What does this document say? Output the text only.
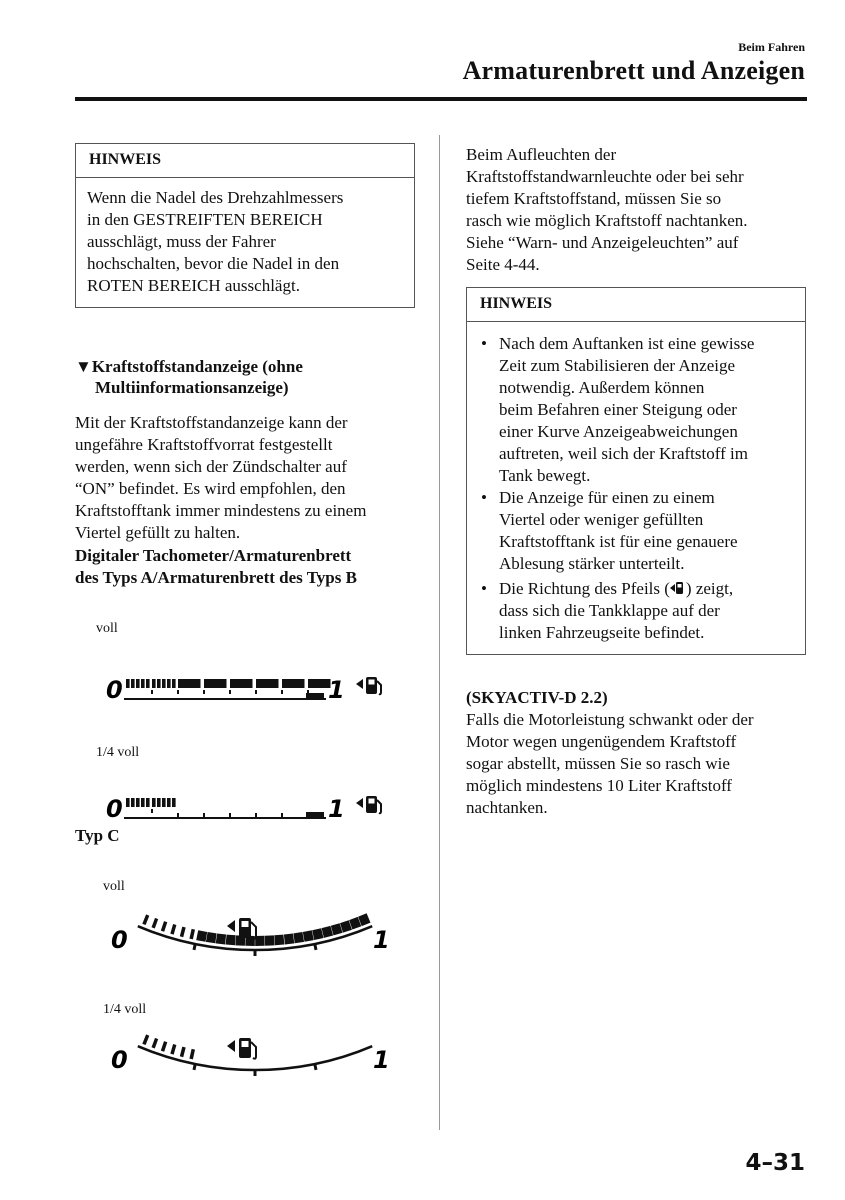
Beim Fahren
Armaturenbrett und Anzeigen
HINWEIS
Wenn die Nadel des Drehzahlmessers
in den GESTREIFTEN BEREICH
ausschlägt, muss der Fahrer
hochschalten, bevor die Nadel in den
ROTEN BEREICH ausschlägt.
▼Kraftstoffstandanzeige (ohne
Multiinformationsanzeige)
Mit der Kraftstoffstandanzeige kann der
ungefähre Kraftstoffvorrat festgestellt
werden, wenn sich der Zündschalter auf
“ON” befindet. Es wird empfohlen, den
Kraftstofftank immer mindestens zu einem
Viertel gefüllt zu halten.
Digitaler Tachometer/Armaturenbrett
des Typs A/Armaturenbrett des Typs B
voll
1/4 voll
Typ C
voll
1/4 voll
0	1
0	1
0	1
0	1
Beim Aufleuchten der
Kraftstoffstandwarnleuchte oder bei sehr
tiefem Kraftstoffstand, müssen Sie so
rasch wie möglich Kraftstoff nachtanken.
Siehe “Warn- und Anzeigeleuchten” auf
Seite 4-44.
HINWEIS
• Nach dem Auftanken ist eine gewisse
Zeit zum Stabilisieren der Anzeige
notwendig. Außerdem können
beim Befahren einer Steigung oder
einer Kurve Anzeigeabweichungen
auftreten, weil sich der Kraftstoff im
Tank bewegt.
• Die Anzeige für einen zu einem
Viertel oder weniger gefüllten
Kraftstofftank ist für eine genauere
Ablesung stärker unterteilt.
• Die Richtung des Pfeils ( ) zeigt,
dass sich die Tankklappe auf der
linken Fahrzeugseite befindet.
(SKYACTIV-D 2.2)
Falls die Motorleistung schwankt oder der
Motor wegen ungenügendem Kraftstoff
sogar abstellt, müssen Sie so rasch wie
möglich mindestens 10 Liter Kraftstoff
nachtanken.
4–31
